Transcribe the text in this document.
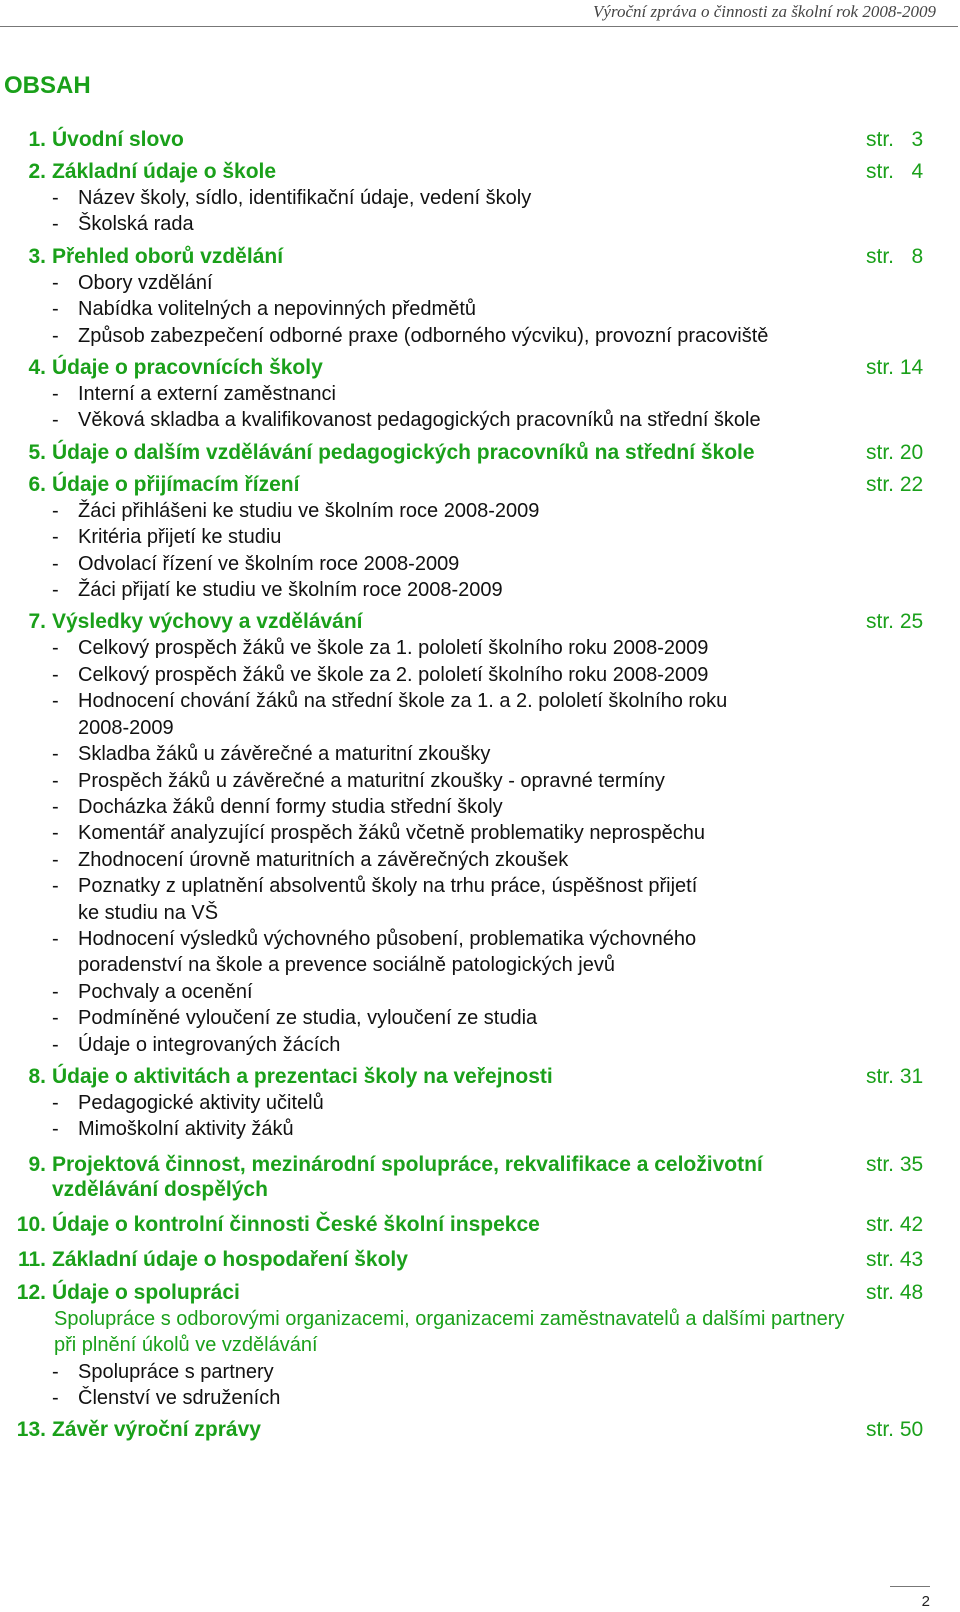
Výroční zpráva o činnosti za školní rok 2008-2009
OBSAH
1. Úvodní slovo	str.   3
2. Základní údaje o škole	str.   4
- Název školy, sídlo, identifikační údaje, vedení školy
- Školská rada
3. Přehled oborů vzdělání	str.   8
- Obory vzdělání
- Nabídka volitelných a nepovinných předmětů
- Způsob zabezpečení odborné praxe (odborného výcviku), provozní pracoviště
4. Údaje o pracovnících školy	str. 14
- Interní a externí zaměstnanci
- Věková skladba a kvalifikovanost pedagogických pracovníků na střední škole
5. Údaje o dalším vzdělávání pedagogických pracovníků na střední škole	str. 20
6. Údaje o přijímacím řízení	str. 22
- Žáci přihlášeni ke studiu ve školním roce 2008-2009
- Kritéria přijetí ke studiu
- Odvolací řízení ve školním roce 2008-2009
- Žáci přijatí ke studiu ve školním roce 2008-2009
7. Výsledky výchovy a vzdělávání	str. 25
- Celkový prospěch žáků ve škole za 1. pololetí školního roku 2008-2009
- Celkový prospěch žáků ve škole za 2. pololetí školního roku 2008-2009
- Hodnocení chování žáků na střední škole za 1. a 2. pololetí školního roku
2008-2009
- Skladba žáků u závěrečné a maturitní zkoušky
- Prospěch žáků u závěrečné a maturitní zkoušky - opravné termíny
- Docházka žáků denní formy studia střední školy
- Komentář analyzující prospěch žáků včetně problematiky neprospěchu
- Zhodnocení úrovně maturitních a závěrečných zkoušek
- Poznatky z uplatnění absolventů školy na trhu práce, úspěšnost přijetí
ke studiu na VŠ
- Hodnocení výsledků výchovného působení, problematika výchovného
poradenství na škole a prevence sociálně patologických jevů
- Pochvaly a ocenění
- Podmíněné vyloučení ze studia, vyloučení ze studia
- Údaje o integrovaných žácích
8. Údaje o aktivitách a prezentaci školy na veřejnosti	str. 31
- Pedagogické aktivity učitelů
- Mimoškolní aktivity žáků
9. Projektová činnost, mezinárodní spolupráce, rekvalifikace a celoživotní vzdělávání dospělých
str. 35
10. Údaje o kontrolní činnosti České školní inspekce	str. 42
11. Základní údaje o hospodaření školy	str. 43
12. Údaje o spolupráci	str. 48
Spolupráce s odborovými organizacemi, organizacemi zaměstnavatelů a dalšími partnery při plnění úkolů ve vzdělávání
- Spolupráce s partnery
- Členství ve sdruženích
13. Závěr výroční zprávy	str. 50
2
